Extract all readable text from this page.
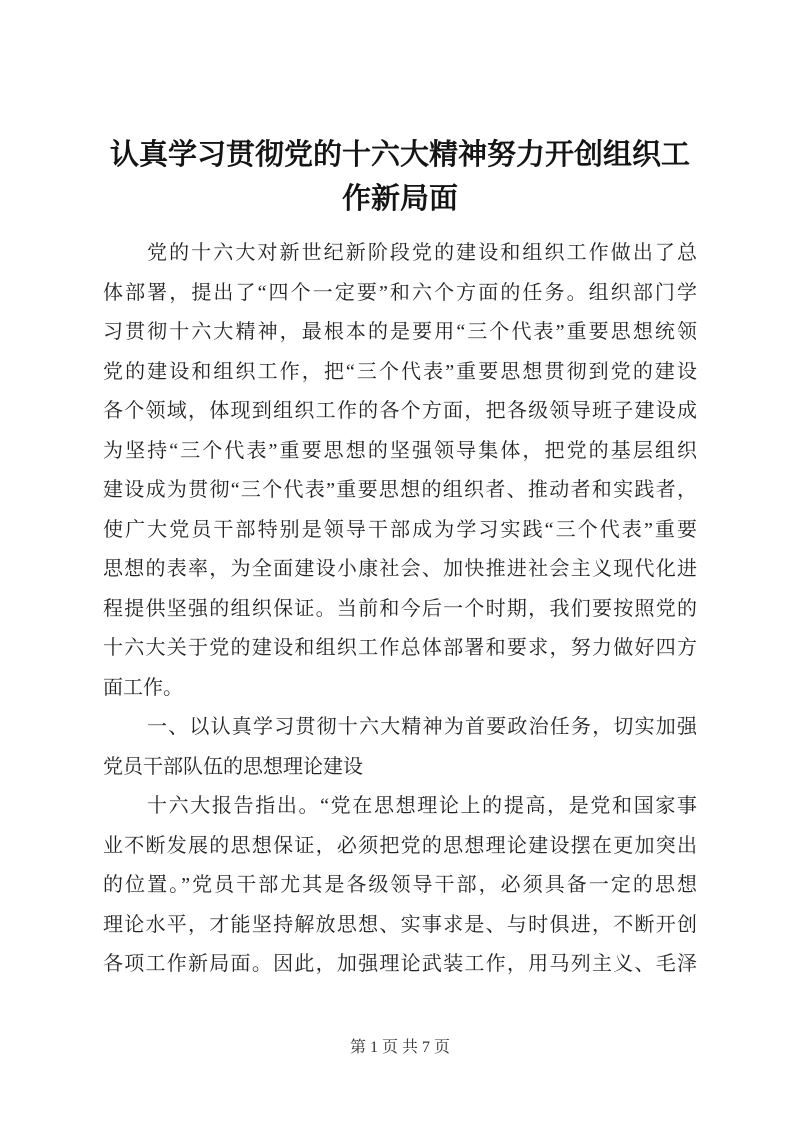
认真学习贯彻党的十六大精神努力开创组织工
作新局面
党的十六大对新世纪新阶段党的建设和组织工作做出了总
体部署，提出了“四个一定要”和六个方面的任务。组织部门学
习贯彻十六大精神，最根本的是要用“三个代表”重要思想统领
党的建设和组织工作，把“三个代表”重要思想贯彻到党的建设
各个领域，体现到组织工作的各个方面，把各级领导班子建设成
为坚持“三个代表”重要思想的坚强领导集体，把党的基层组织
建设成为贯彻“三个代表”重要思想的组织者、推动者和实践者，
使广大党员干部特别是领导干部成为学习实践“三个代表”重要
思想的表率，为全面建设小康社会、加快推进社会主义现代化进
程提供坚强的组织保证。当前和今后一个时期，我们要按照党的
十六大关于党的建设和组织工作总体部署和要求，努力做好四方
面工作。
一、以认真学习贯彻十六大精神为首要政治任务，切实加强
党员干部队伍的思想理论建设
十六大报告指出。“党在思想理论上的提高，是党和国家事
业不断发展的思想保证，必须把党的思想理论建设摆在更加突出
的位置。”党员干部尤其是各级领导干部，必须具备一定的思想
理论水平，才能坚持解放思想、实事求是、与时俱进，不断开创
各项工作新局面。因此，加强理论武装工作，用马列主义、毛泽
第 1 页 共 7 页
